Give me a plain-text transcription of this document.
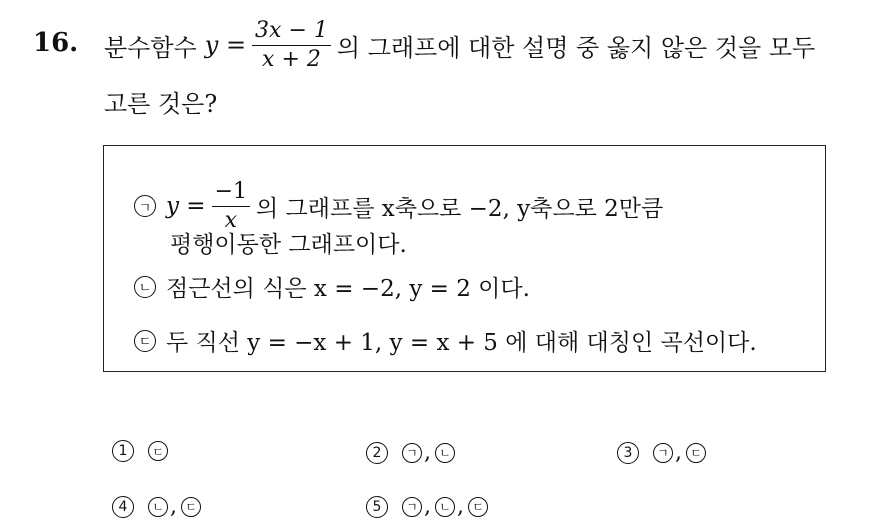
16. 분수함수 $y = \frac{3x - 1}{x + 2}$ 의 그래프에 대한 설명 중 옳지 않은 것을 모두
고른 것은?
ㄱ $y = \frac{-1}{x}$ 의 그래프를 x축으로 −2, y축으로 2만큼
평행이동한 그래프이다.
ㄴ 점근선의 식은 x = −2, y = 2 이다.
ㄷ 두 직선 y = −x + 1, y = x + 5 에 대해 대칭인 곡선이다.
1	ㄷ	2	ㄱ , ㄴ	3	ㄱ , ㄷ
4	ㄴ , ㄷ	5	ㄱ , ㄴ , ㄷ
